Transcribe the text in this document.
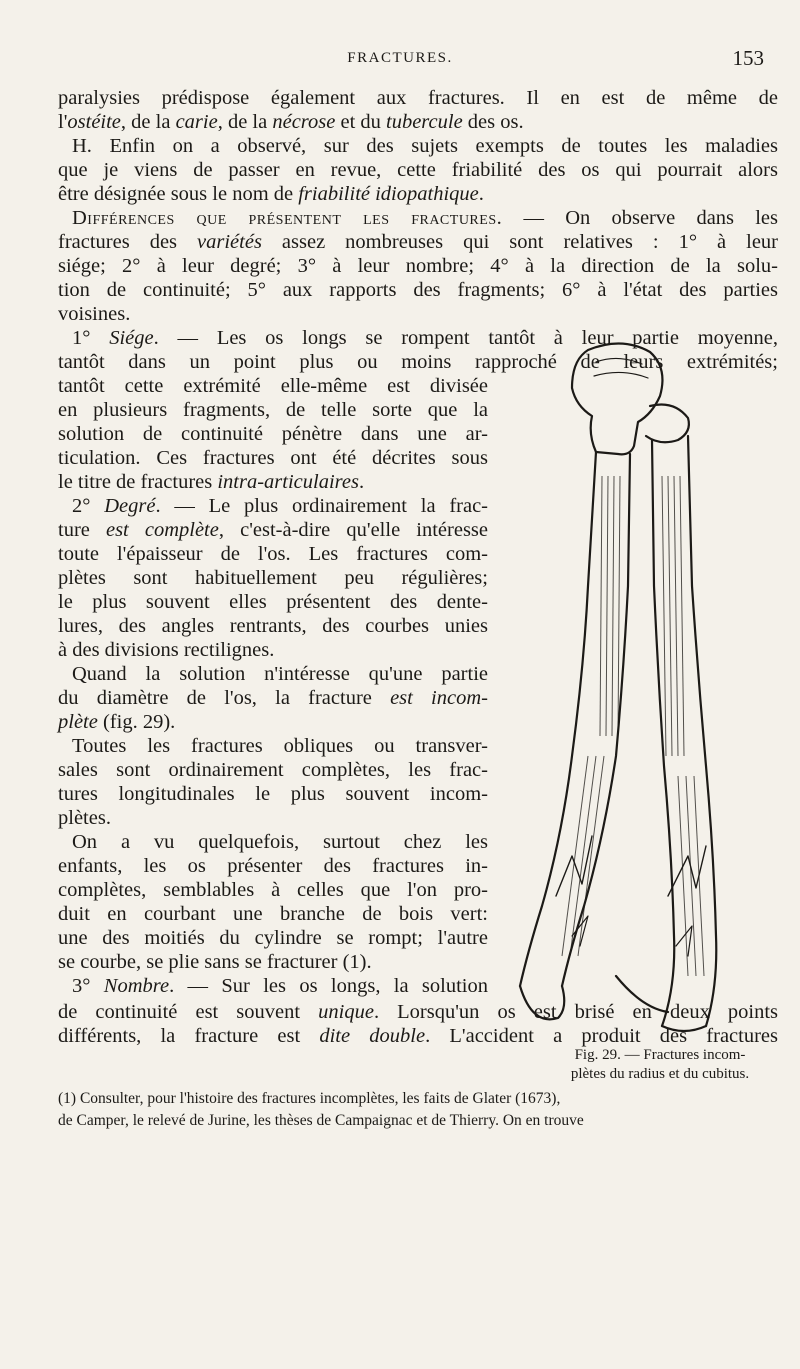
FRACTURES.	153
paralysies prédispose également aux fractures. Il en est de même de
l'ostéite, de la carie, de la nécrose et du tubercule des os.
H. Enfin on a observé, sur des sujets exempts de toutes les maladies
que je viens de passer en revue, cette friabilité des os qui pourrait alors
être désignée sous le nom de friabilité idiopathique.
Différences que présentent les fractures. — On observe dans les
fractures des variétés assez nombreuses qui sont relatives : 1° à leur
siége; 2° à leur degré; 3° à leur nombre; 4° à la direction de la solu-
tion de continuité; 5° aux rapports des fragments; 6° à l'état des parties
voisines.
1° Siége. — Les os longs se rompent tantôt à leur partie moyenne,
tantôt dans un point plus ou moins rapproché de leurs extrémités;
tantôt cette extrémité elle-même est divisée
en plusieurs fragments, de telle sorte que la
solution de continuité pénètre dans une ar-
ticulation. Ces fractures ont été décrites sous
le titre de fractures intra-articulaires.
2° Degré. — Le plus ordinairement la frac-
ture est complète, c'est-à-dire qu'elle intéresse
toute l'épaisseur de l'os. Les fractures com-
plètes sont habituellement peu régulières;
le plus souvent elles présentent des dente-
lures, des angles rentrants, des courbes unies
à des divisions rectilignes.
Quand la solution n'intéresse qu'une partie
du diamètre de l'os, la fracture est incom-
plète (fig. 29).
Toutes les fractures obliques ou transver-
sales sont ordinairement complètes, les frac-
tures longitudinales le plus souvent incom-
plètes.
On a vu quelquefois, surtout chez les
enfants, les os présenter des fractures in-
complètes, semblables à celles que l'on pro-
duit en courbant une branche de bois vert:
une des moitiés du cylindre se rompt; l'autre
se courbe, se plie sans se fracturer (1).
3° Nombre. — Sur les os longs, la solution
de continuité est souvent unique. Lorsqu'un os est brisé en deux points
différents, la fracture est dite double. L'accident a produit des fractures
Fig. 29. — Fractures incom-
plètes du radius et du cubitus.
(1) Consulter, pour l'histoire des fractures incomplètes, les faits de Glater (1673),
de Camper, le relevé de Jurine, les thèses de Campaignac et de Thierry. On en trouve
